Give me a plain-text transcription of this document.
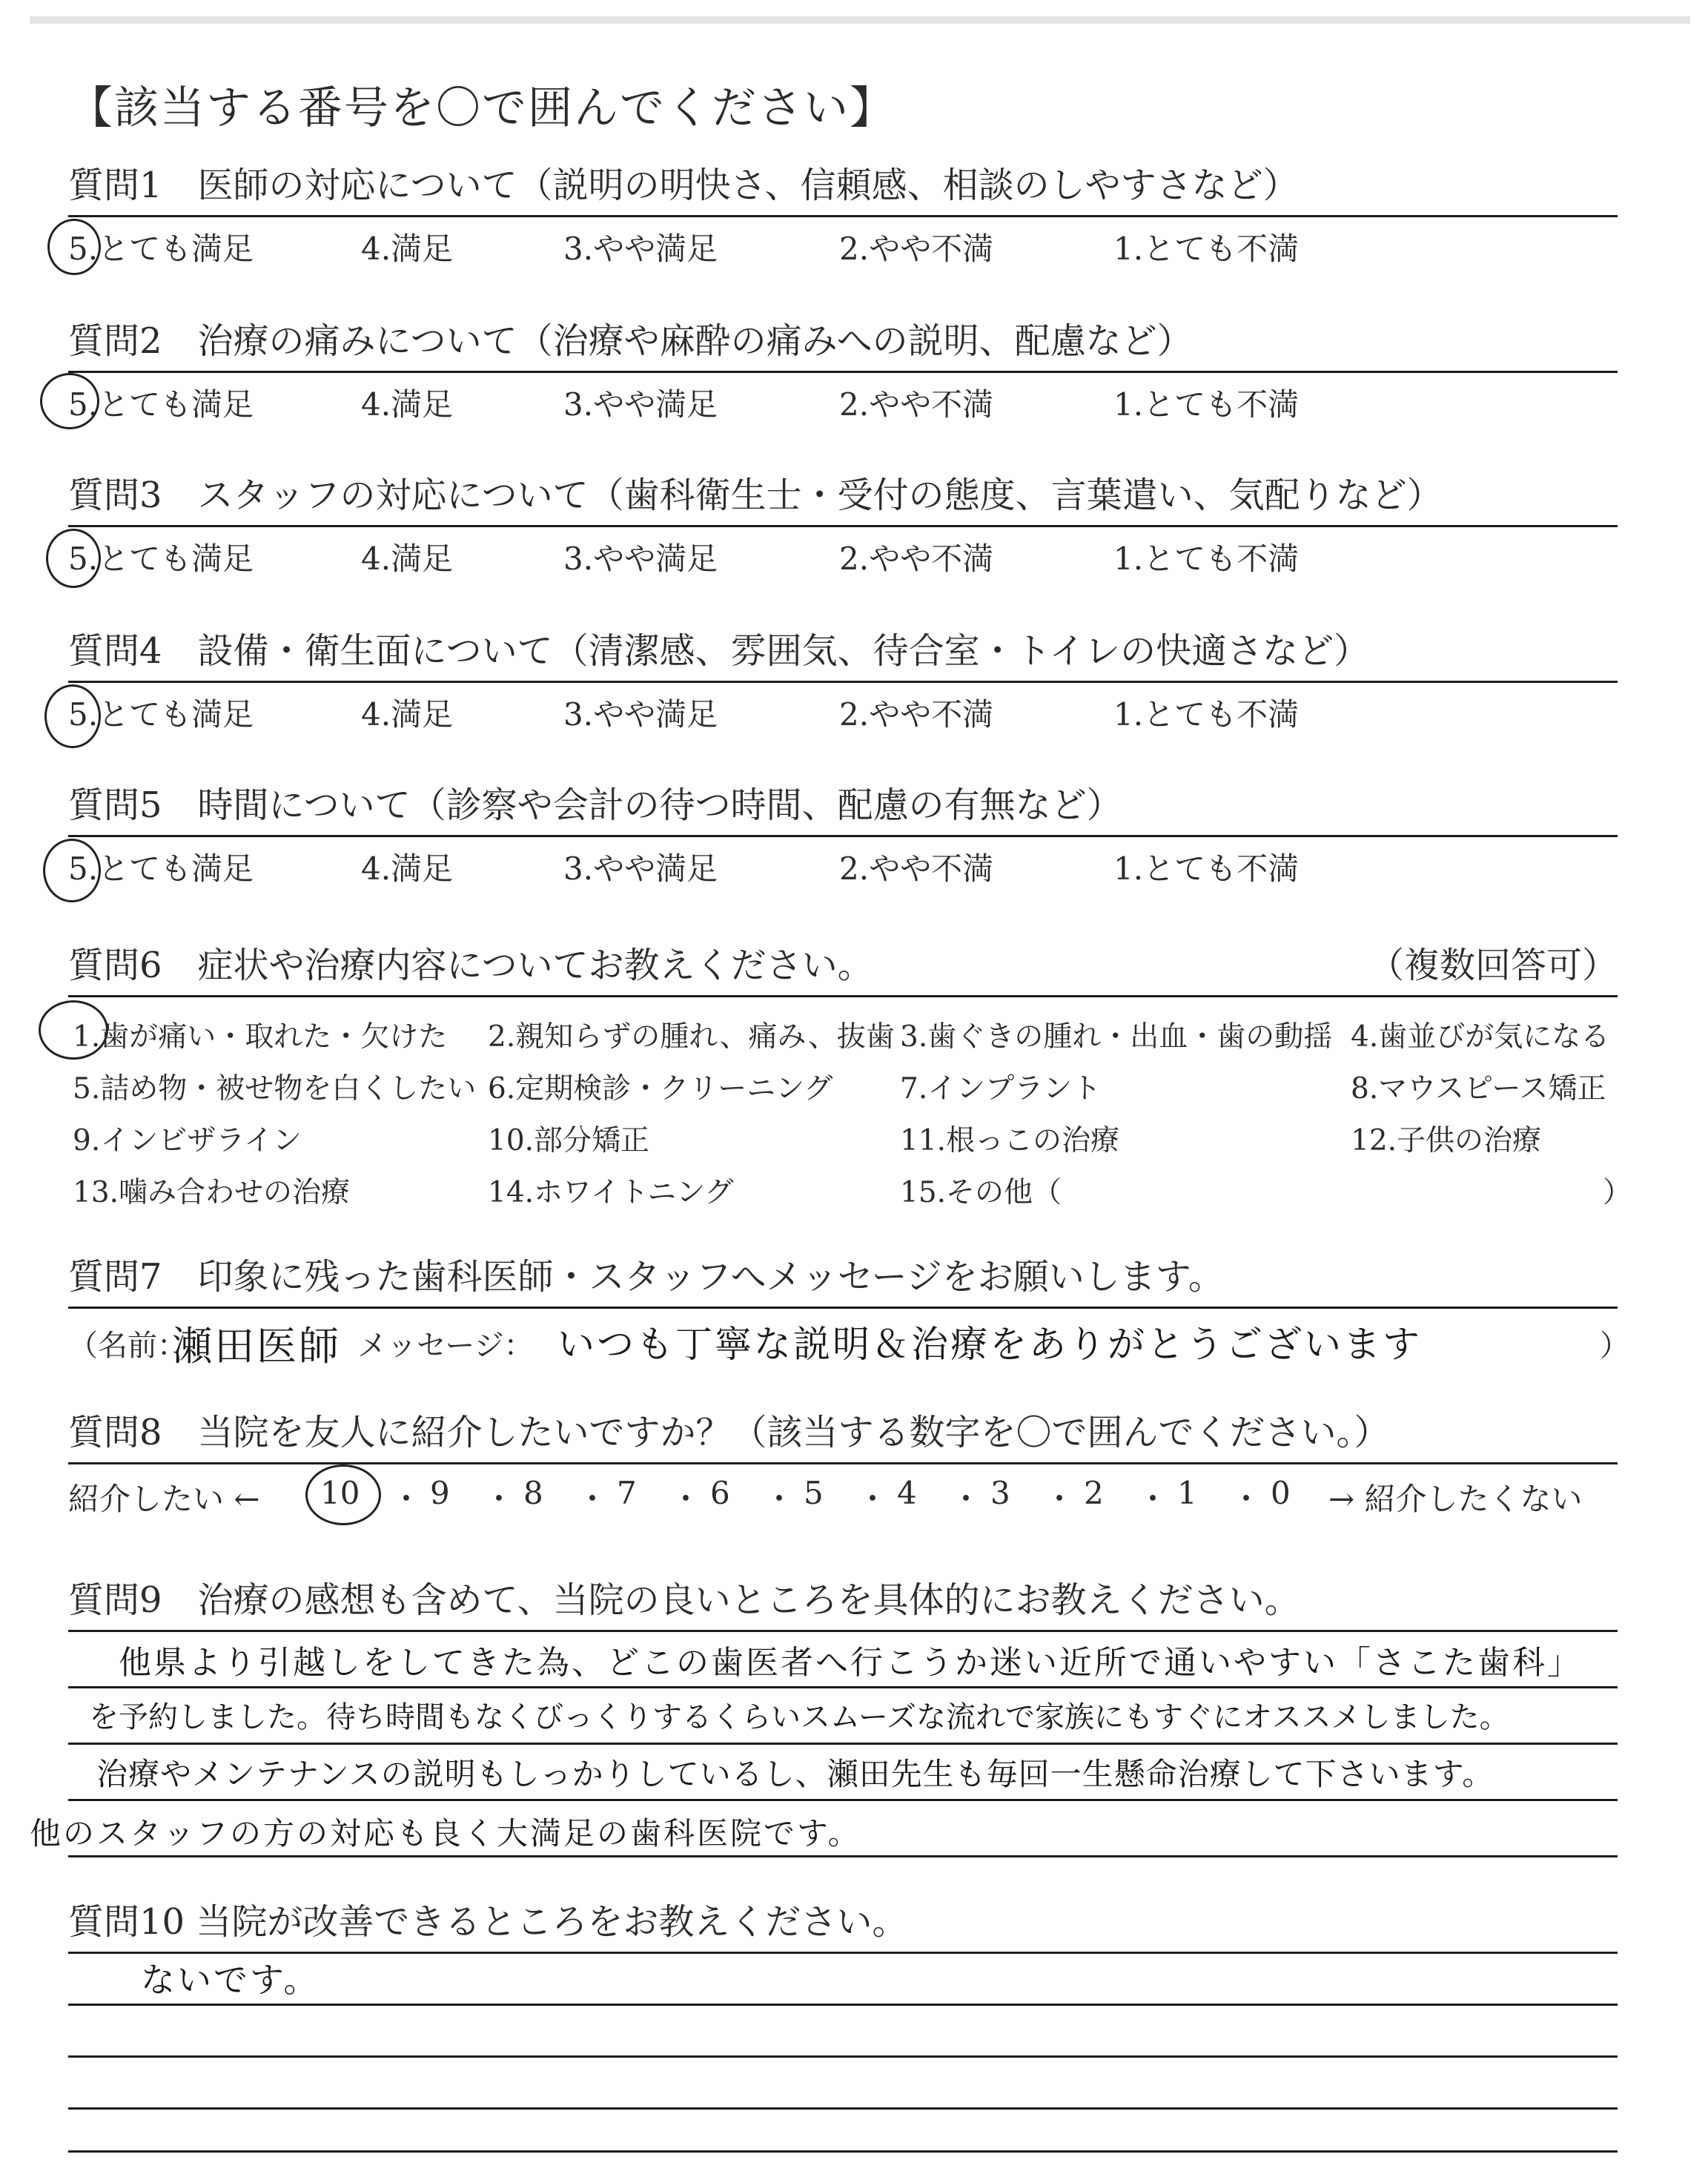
【該当する番号を〇で囲んでください】
質問1　医師の対応について（説明の明快さ、信頼感、相談のしやすさなど）
5.とても満足	4.満足	3.やや満足	2.やや不満	1.とても不満
質問2　治療の痛みについて（治療や麻酔の痛みへの説明、配慮など）
5.とても満足	4.満足	3.やや満足	2.やや不満	1.とても不満
質問3　スタッフの対応について（歯科衛生士・受付の態度、言葉遣い、気配りなど）
5.とても満足	4.満足	3.やや満足	2.やや不満	1.とても不満
質問4　設備・衛生面について（清潔感、雰囲気、待合室・トイレの快適さなど）
5.とても満足	4.満足	3.やや満足	2.やや不満	1.とても不満
質問5　時間について（診察や会計の待つ時間、配慮の有無など）
5.とても満足	4.満足	3.やや満足	2.やや不満	1.とても不満
質問6　症状や治療内容についてお教えください。	（複数回答可）
1.歯が痛い・取れた・欠けた 2.親知らずの腫れ、痛み、抜歯 3.歯ぐきの腫れ・出血・歯の動揺 4.歯並びが気になる
5.詰め物・被せ物を白くしたい 6.定期検診・クリーニング 7.インプラント	8.マウスピース矯正
9.インビザライン	10.部分矯正	11.根っこの治療	12.子供の治療
13.噛み合わせの治療	14.ホワイトニング	15.その他（	）
質問7　印象に残った歯科医師・スタッフへメッセージをお願いします。
（名前：
瀬田医師 メッセージ： いつも丁寧な説明＆治療をありがとうございます	）
質問8　当院を友人に紹介したいですか？（該当する数字を〇で囲んでください。）
紹介したい ← 10 ・ 9 ・ 8 ・ 7 ・ 6 ・ 5 ・ 4 ・ 3 ・ 2 ・ 1 ・ 0 → 紹介したくない
質問9　治療の感想も含めて、当院の良いところを具体的にお教えください。
他県より引越しをしてきた為、どこの歯医者へ行こうか迷い近所で通いやすい「さこた歯科」
を予約しました。待ち時間もなくびっくりするくらいスムーズな流れで家族にもすぐにオススメしました。
治療やメンテナンスの説明もしっかりしているし、瀬田先生も毎回一生懸命治療して下さいます。
他のスタッフの方の対応も良く大満足の歯科医院です。
質問10 当院が改善できるところをお教えください。
ないです。
